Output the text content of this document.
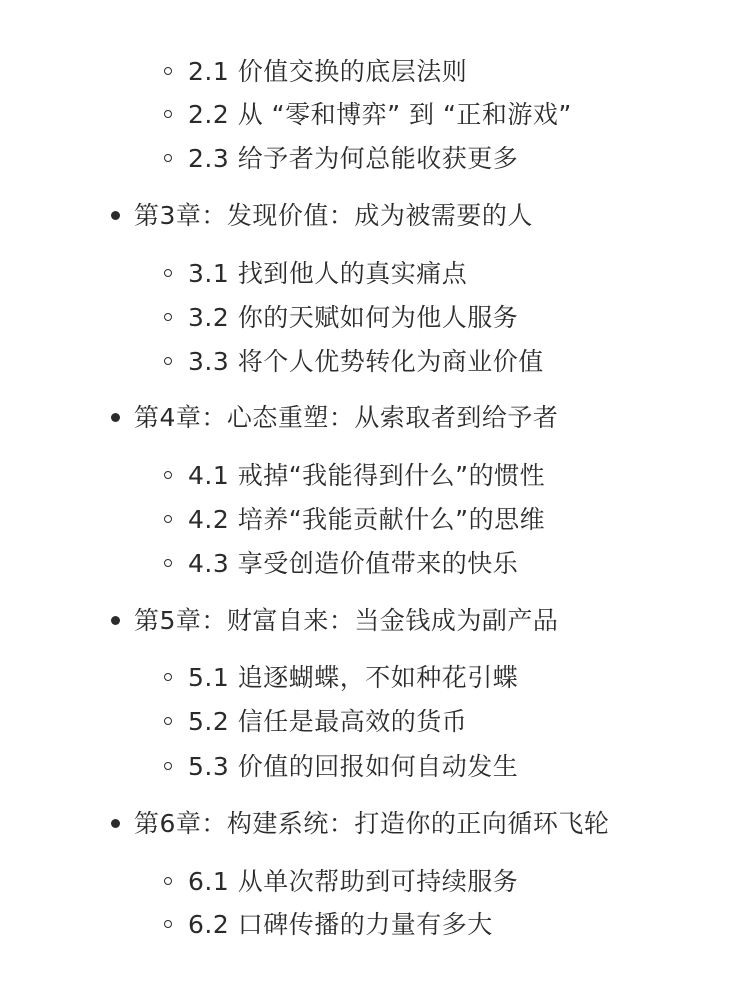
2.1 价值交换的底层法则
2.2 从 “零和博弈” 到 “正和游戏”
2.3 给予者为何总能收获更多
第3章：发现价值：成为被需要的人
3.1 找到他人的真实痛点
3.2 你的天赋如何为他人服务
3.3 将个人优势转化为商业价值
第4章：心态重塑：从索取者到给予者
4.1 戒掉“我能得到什么”的惯性
4.2 培养“我能贡献什么”的思维
4.3 享受创造价值带来的快乐
第5章：财富自来：当金钱成为副产品
5.1 追逐蝴蝶，不如种花引蝶
5.2 信任是最高效的货币
5.3 价值的回报如何自动发生
第6章：构建系统：打造你的正向循环飞轮
6.1 从单次帮助到可持续服务
6.2 口碑传播的力量有多大
